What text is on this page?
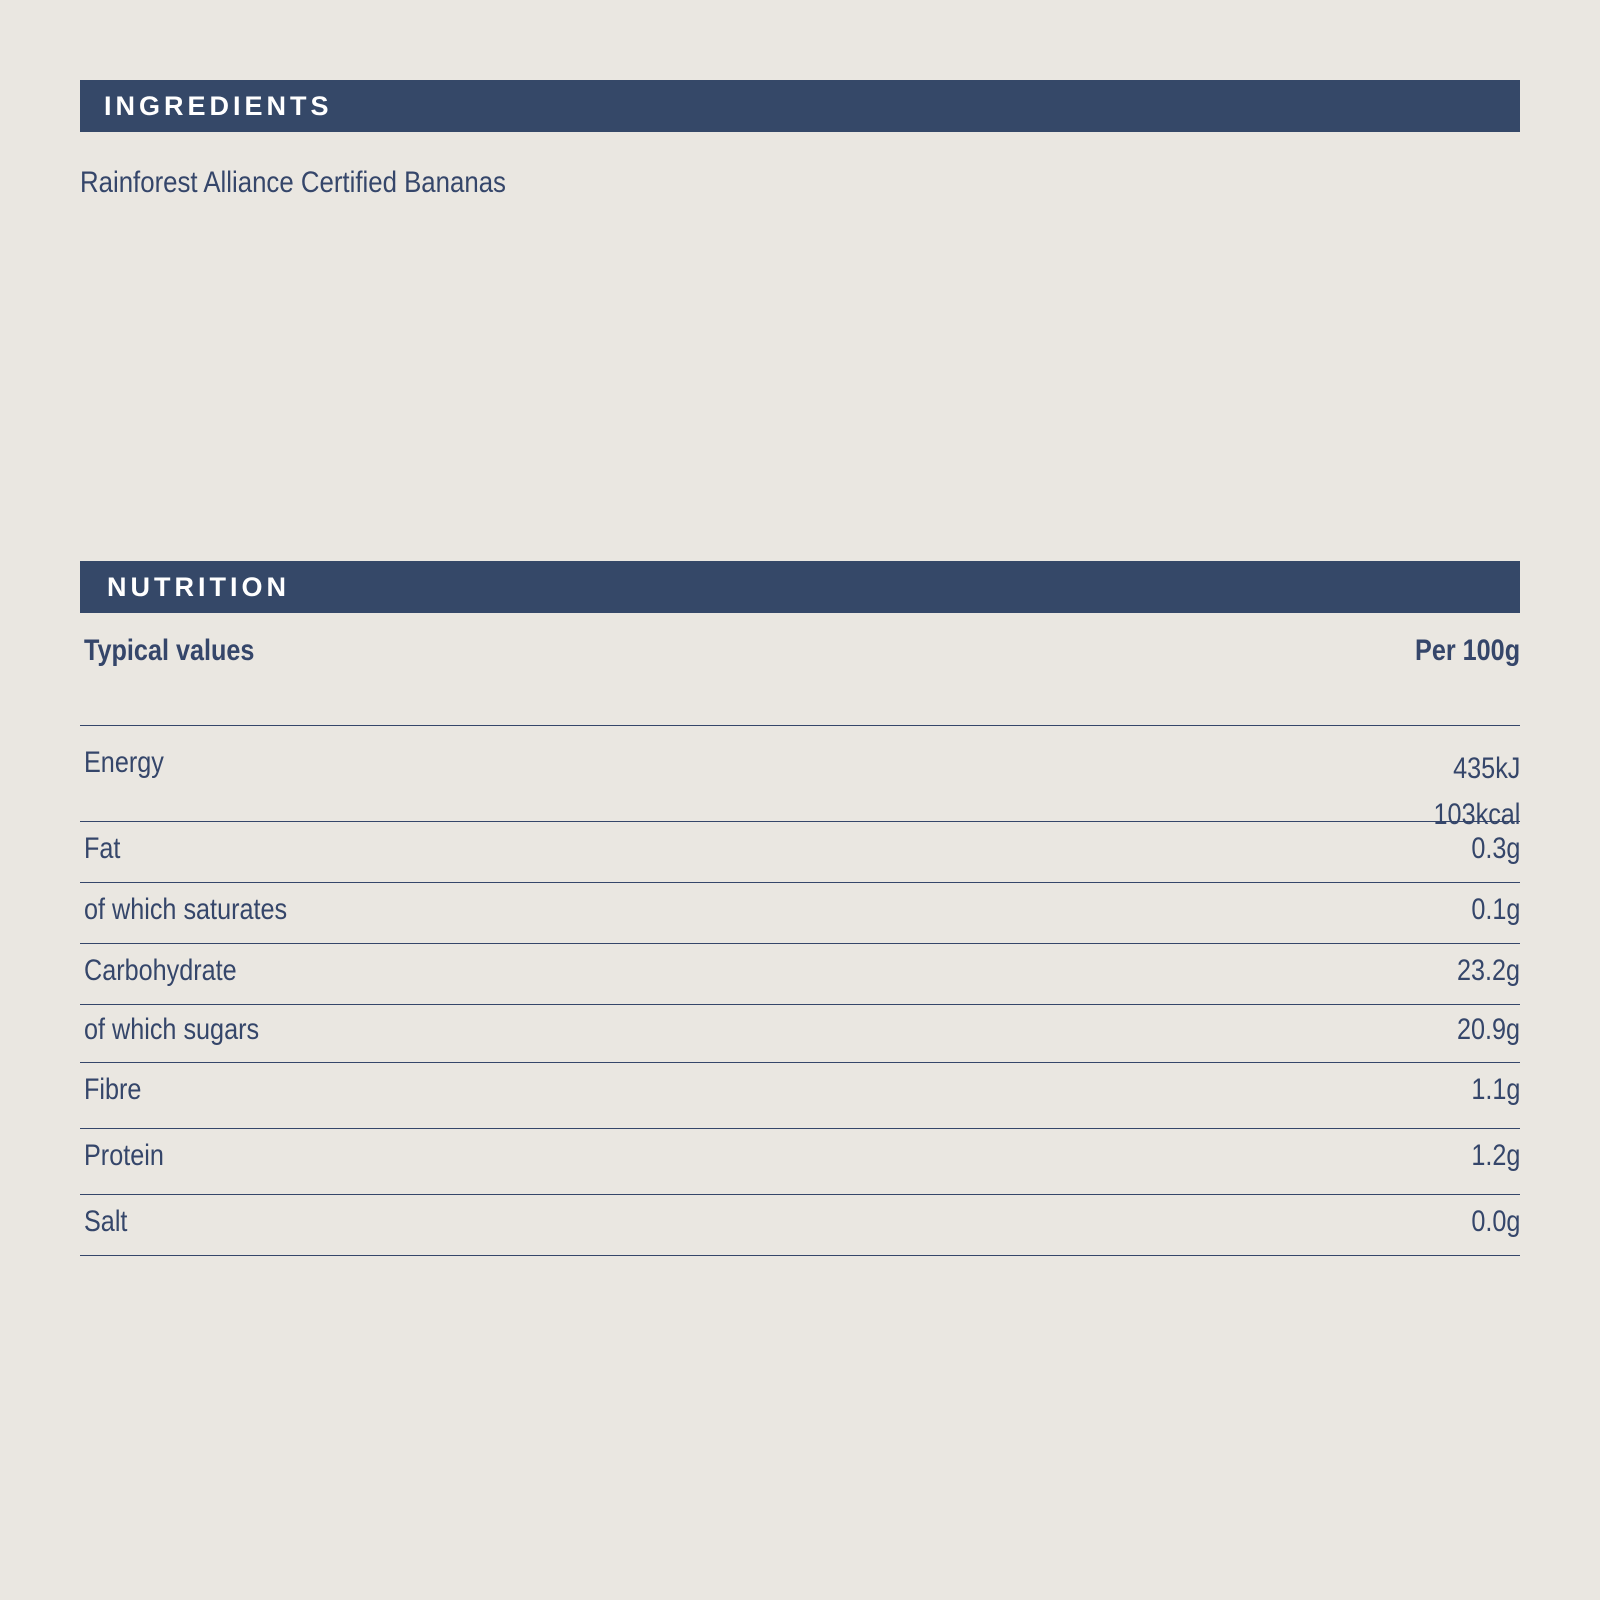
INGREDIENTS
Rainforest Alliance Certified Bananas
NUTRITION
Typical values	Per 100g
Energy	435kJ
103kcal
Fat	0.3g
of which saturates	0.1g
Carbohydrate	23.2g
of which sugars	20.9g
Fibre	1.1g
Protein	1.2g
Salt	0.0g
